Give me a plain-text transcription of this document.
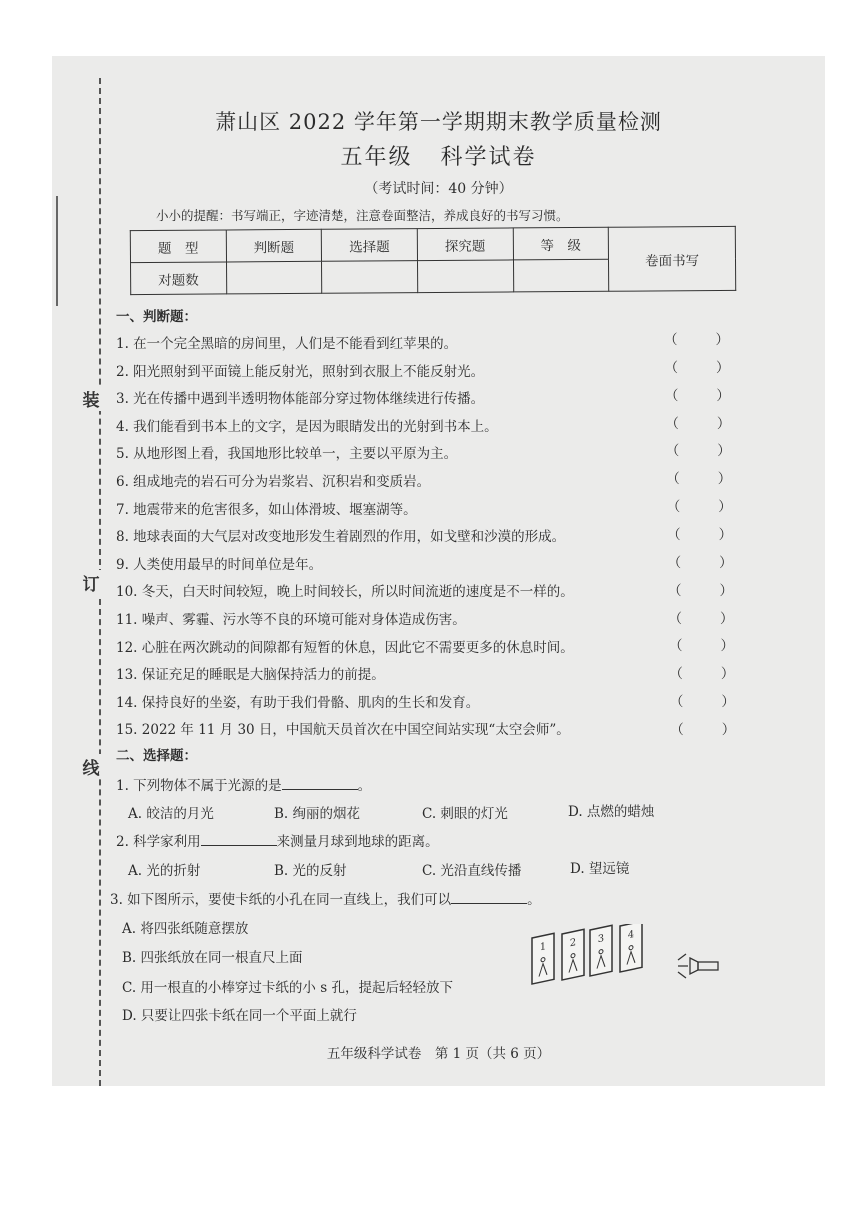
装
订
线
萧山区 2022 学年第一学期期末教学质量检测
五年级 科学试卷
（考试时间：40 分钟）
小小的提醒：书写端正，字迹清楚，注意卷面整洁，养成良好的书写习惯。
题　型	判断题	选择题	探究题	等　级	卷面书写
对题数					
一、判断题：
1. 在一个完全黑暗的房间里，人们是不能看到红苹果的。	（	）
2. 阳光照射到平面镜上能反射光，照射到衣服上不能反射光。	（	）
3. 光在传播中遇到半透明物体能部分穿过物体继续进行传播。	（	）
4. 我们能看到书本上的文字，是因为眼睛发出的光射到书本上。	（	）
5. 从地形图上看，我国地形比较单一，主要以平原为主。	（	）
6. 组成地壳的岩石可分为岩浆岩、沉积岩和变质岩。	（	）
7. 地震带来的危害很多，如山体滑坡、堰塞湖等。	（	）
8. 地球表面的大气层对改变地形发生着剧烈的作用，如戈壁和沙漠的形成。	（	）
9. 人类使用最早的时间单位是年。	（	）
10. 冬天，白天时间较短，晚上时间较长，所以时间流逝的速度是不一样的。	（	）
11. 噪声、雾霾、污水等不良的环境可能对身体造成伤害。	（	）
12. 心脏在两次跳动的间隙都有短暂的休息，因此它不需要更多的休息时间。	（	）
13. 保证充足的睡眠是大脑保持活力的前提。	（	）
14. 保持良好的坐姿，有助于我们骨骼、肌肉的生长和发育。	（	）
15. 2022 年 11 月 30 日，中国航天员首次在中国空间站实现“太空会师”。	（	）
二、选择题：
1. 下列物体不属于光源的是	。
A. 皎洁的月光	B. 绚丽的烟花	C. 刺眼的灯光	D. 点燃的蜡烛
2. 科学家利用	来测量月球到地球的距离。
A. 光的折射	B. 光的反射	C. 光沿直线传播	D. 望远镜
3. 如下图所示，要使卡纸的小孔在同一直线上，我们可以	。
A. 将四张纸随意摆放
B. 四张纸放在同一根直尺上面
C. 用一根直的小棒穿过卡纸的小 s 孔，提起后轻轻放下
D. 只要让四张卡纸在同一个平面上就行
1 2 3 4
五年级科学试卷　第 1 页（共 6 页）
